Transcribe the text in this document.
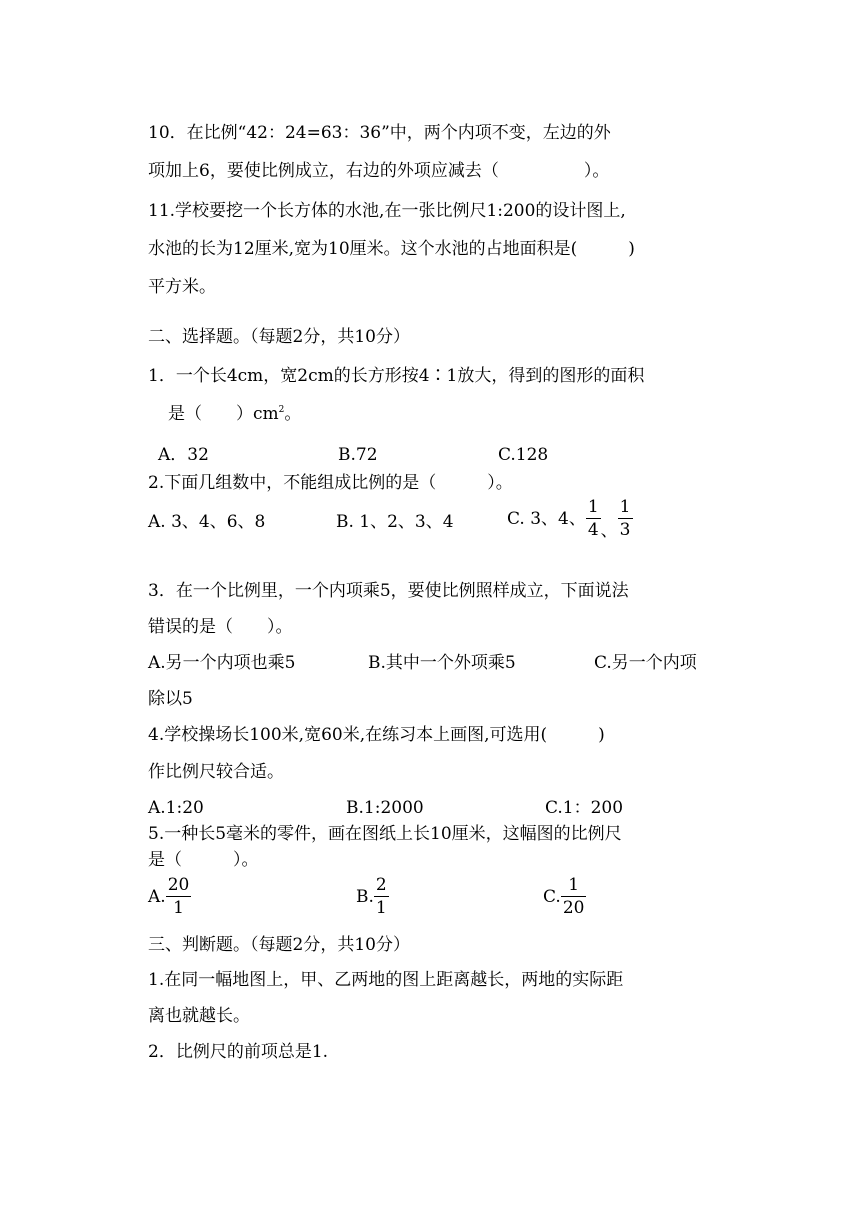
10．在比例“42：24=63：36”中，两个内项不变，左边的外
项加上6，要使比例成立，右边的外项应减去（　　　　　）。
11.学校要挖一个长方体的水池,在一张比例尺1:200的设计图上,
水池的长为12厘米,宽为10厘米。这个水池的占地面积是(　　　)
平方米。
二、选择题。（每题2分，共10分）
1．一个长4cm，宽2cm的长方形按4∶1放大，得到的图形的面积
是（　　）$cm^2$。
A．32	B.72	C.128
2.下面几组数中，不能组成比例的是（　　　）。
A. 3、4、6、8	B. 1、2、3、4	C. 3、4、 $\frac{1}{4}$ 、 $\frac{1}{3}$
3．在一个比例里，一个内项乘5，要使比例照样成立，下面说法
错误的是（　　）。
A.另一个内项也乘5	B.其中一个外项乘5	C.另一个内项
除以5
4.学校操场长100米,宽60米,在练习本上画图,可选用(　　　)
作比例尺较合适。
A.1:20	B.1:2000	C.1：200
5.一种长5毫米的零件，画在图纸上长10厘米，这幅图的比例尺
是（　　　）。
A. $\frac{20}{1}$	B. $\frac{2}{1}$	C. $\frac{1}{20}$
三、判断题。（每题2分，共10分）
1.在同一幅地图上，甲、乙两地的图上距离越长，两地的实际距
离也就越长。
2．比例尺的前项总是1.
